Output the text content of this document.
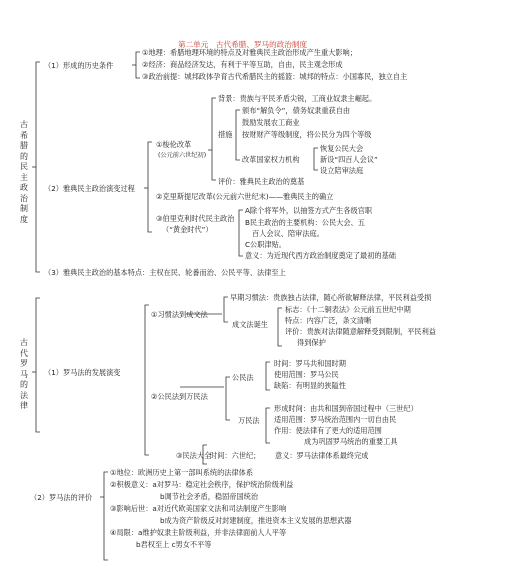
第二单元　古代希腊、罗马的政治制度
古希腊的民主政治制度
（1）形成的历史条件
①地理：希腊地理环境的特点及对雅典民主政治形成产生重大影响；
②经济：商品经济发达，有利于平等互助，自由，民主观念形成
③政治前提：城邦政体孕育古代希腊民主的摇篮：城邦的特点：小国寡民，独立自主
（2）雅典民主政治演变过程
①梭伦改革
(公元前六世纪初)
背景：贵族与平民矛盾尖锐，工商业奴隶主崛起。
措施
颁布“解负令”，债务奴隶重获自由
鼓励发展农工商业
按财财产等级制度，将公民分为四个等级
改革国家权力机构
恢复公民大会
新设“四百人会议”
设立陪审法庭
评价：雅典民主政治的奠基
②克里斯提尼改革(公元前六世纪末)——雅典民主的确立
③伯里克利时代民主政治
（“黄金时代”）
A除个将军外，以抽签方式产生各级官职
B民主政治的主要机构：公民大会、五
百人会议、陪审法庭。
C公职津贴。
意义：为近现代西方政治制度奠定了最初的基础
（3）雅典民主政治的基本特点：主权在民、轮番而治、公民平等、法律至上
古代罗马的法律
（1）罗马法的发展演变
①习惯法到成文法
早期习惯法：贵族独占法律，随心所欲解释法律，平民利益受损
成文法诞生
标志：《十二铜表法》公元前五世纪中期
特点：内容广泛，条文清晰
评价：贵族对法律随意解释受到限制，平民利益
得到保护
②公民法到万民法
公民法
时间：罗马共和国时期
使用范围：罗马公民
缺陷：有明显的狭隘性
万民法
形成时间：由共和国到帝国过程中（三世纪）
适用范围：罗马统治范围内一切自由民
作用：使法律有了更大的适用范围
成为巩固罗马统治的重要工具
③民法大全
时间：六世纪； 意义：罗马法律体系最终完成
（2）罗马法的评价
①地位：欧洲历史上第一部叫系统的法律体系
②积极意义：a对罗马：稳定社会秩序，保护统治阶级利益
b调节社会矛盾，稳固帝国统治
③影响后世：a对近代欧美国家文法和司法制度产生影响
b成为资产阶级反对封建制度，推进资本主义发展的思想武器
④局限：a维护奴隶主阶级利益，并非法律面前人人平等
b君权至上 c男女不平等
